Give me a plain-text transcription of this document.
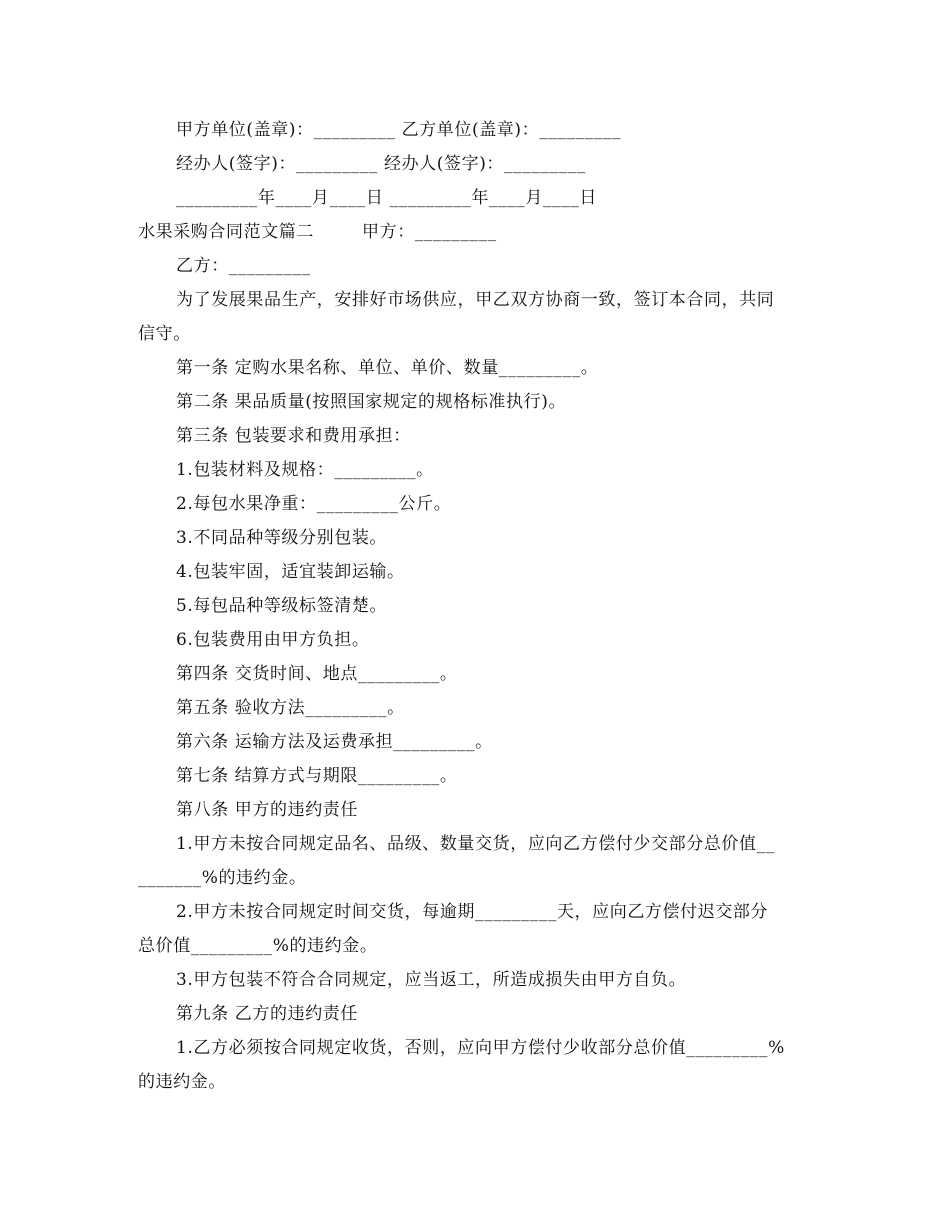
甲方单位(盖章)：_________ 乙方单位(盖章)：_________
经办人(签字)：_________ 经办人(签字)：_________
_________年____月____日 _________年____月____日
水果采购合同范文篇二        甲方：_________
乙方：_________
为了发展果品生产，安排好市场供应，甲乙双方协商一致，签订本合同，共同
信守。
第一条 定购水果名称、单位、单价、数量_________。
第二条 果品质量(按照国家规定的规格标准执行)。
第三条 包装要求和费用承担：
1.包装材料及规格：_________。
2.每包水果净重：_________公斤。
3.不同品种等级分别包装。
4.包装牢固，适宜装卸运输。
5.每包品种等级标签清楚。
6.包装费用由甲方负担。
第四条 交货时间、地点_________。
第五条 验收方法_________。
第六条 运输方法及运费承担_________。
第七条 结算方式与期限_________。
第八条 甲方的违约责任
1.甲方未按合同规定品名、品级、数量交货，应向乙方偿付少交部分总价值__
_______%的违约金。
2.甲方未按合同规定时间交货，每逾期_________天，应向乙方偿付迟交部分
总价值_________%的违约金。
3.甲方包装不符合合同规定，应当返工，所造成损失由甲方自负。
第九条 乙方的违约责任
1.乙方必须按合同规定收货，否则，应向甲方偿付少收部分总价值_________%
的违约金。
